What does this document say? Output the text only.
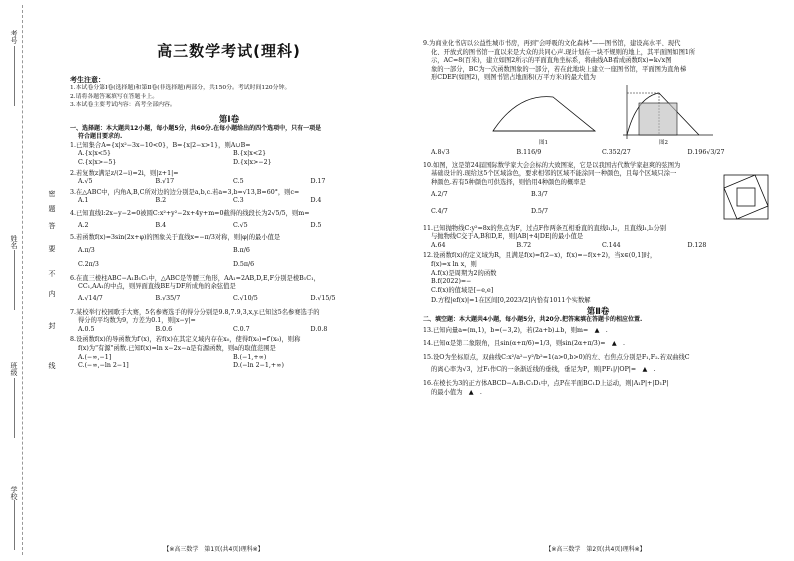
考号
姓名
班级
学校
密
封
线
内
不
要
答
题
高三数学考试(理科)
考生注意：
1.本试卷分第Ⅰ卷(选择题)和第Ⅱ卷(非选择题)两部分，共150分。考试时间120分钟。
2.请将各题答案填写在答题卡上。
3.本试卷主要考试内容：高考全部内容。
第Ⅰ卷
一、选择题：本大题共12小题，每小题5分，共60分.在每小题给出的四个选项中，只有一项是
符合题目要求的.
1.已知集合A={x|x²−3x−10<0}，B={x|2−x>1}，则A∪B=
A.{x|x<5}	B.{x|x<2}
C.{x|x>−5}	D.{x|x>−2}
2.若复数z满足z/(2−i)=2i，则|z+1|=
A.√5	B.√17	C.5	D.17
3.在△ABC中，内角A,B,C所对边的边分别是a,b,c.若a=3,b=√13,B=60°，则c=
A.1	B.2	C.3	D.4
4.已知直线l:2x−y−2=0被圆C:x²+y²−2x+4y+m=0截得的线段长为2√5/5，则m=
A.2	B.4	C.√5	D.5
5.若函数f(x)=3sin(2x+φ)的图象关于直线x=−π/3对称，则|φ|的最小值是
A.π/3	B.π/6
C.2π/3	D.5π/6
6.在直三棱柱ABC−A₁B₁C₁中，△ABC是等腰三角形，AA₁=2AB,D,E,F分别是棱B₁C₁，
CC₁,AA₁的中点，则异面直线BE与DF所成角的余弦值是
A.√14/7	B.√35/7	C.√10/5	D.√15/5
7.某校举行校园歌手大赛，5名参赛选手的得分分别是9.8,7.9,3,x,y.已知这5名参赛选手的
得分的平均数为9，方差为0.1，则|x−y|=
A.0.5	B.0.6	C.0.7	D.0.8
8.设函数f(x)的导函数为f′(x)，若f(x)在其定义域内存在x₀，使得f(x₀)=f′(x₀)，则称
f(x)为"有源"函数.已知f(x)=ln x−2x−a是有源函数，则a的取值范围是
A.(−∞,−1]	B.(−1,+∞)
C.(−∞,−ln 2−1]	D.(−ln 2−1,+∞)
【※高三数学　第1页(共4页)理科※】
9.为商业化书店以公益性城市书房，再到"会呼吸的文化森林"——图书馆，建设高水平、现代
化、开放式的图书馆一直以来是大众的共同心声.现计划在一块不规则的地上，其平面图如图1所
示，AC=8(百米)，建立如图2所示的平面直角坐标系，将曲线AB看成函数f(x)=k√x图
象的一部分，BC为一次函数图象的一部分，若在此地块上建立一座图书馆，平面图为直角梯
形CDEF(如图2)，则图书馆占地面积(万平方米)的最大值为
图1	图2
A.8√3	B.116/9	C.352/27	D.196√3/27
10.如图，这是第24届国际数学家大会会标的大致图案，它是以我国古代数学家赵爽的弦图为
基础设计的.现给这5个区域涂色，要求相邻的区域不能涂同一种颜色，且每个区域只涂一
种颜色.若有5种颜色可供选择，则恰用4种颜色的概率是
A.2/7	B.3/7
C.4/7	D.5/7
11.已知抛物线C:y²=8x的焦点为F，过点F作两条互相垂直的直线l₁,l₂，且直线l₁,l₂分别
与抛物线C交于A,B和D,E，则|AB|+4|DE|的最小值是
A.64	B.72	C.144	D.128
12.设函数f(x)的定义域为R，且满足f(x)=f(2−x)，f(x)=−f(x+2)，当x∈(0,1]时，
f(x)=x ln x，则
A.f(x)是周期为2的函数
B.f(2022)=−
C.f(x)的值域是[−e,e]
D.方程|ef(x)|=1在区间[0,2023/2]内恰有1011个实数解
第Ⅱ卷
二、填空题：本大题共4小题，每小题5分，共20分.把答案填在答题卡的相应位置.
13.已知向量a=(m,1)，b=(−3,2)，若(2a+b)⊥b，则m=　▲　.
14.已知α是第二象限角，且sin(α+π/6)=1/3，则sin(2α+π/3)=　▲　.
15.设O为坐标原点，双曲线C:x²/a²−y²/b²=1(a>0,b>0)的左、右焦点分别是F₁,F₂.若双曲线C
的离心率为√3，过F₁作C的一条渐近线的垂线，垂足为P，则|PF₁|/|OP|=　▲　.
16.在棱长为3的正方体ABCD−A₁B₁C₁D₁中，点P在平面BC₁D上运动，则|A₁P|+|D₁P|
的最小值为　▲　.
【※高三数学　第2页(共4页)理科※】
